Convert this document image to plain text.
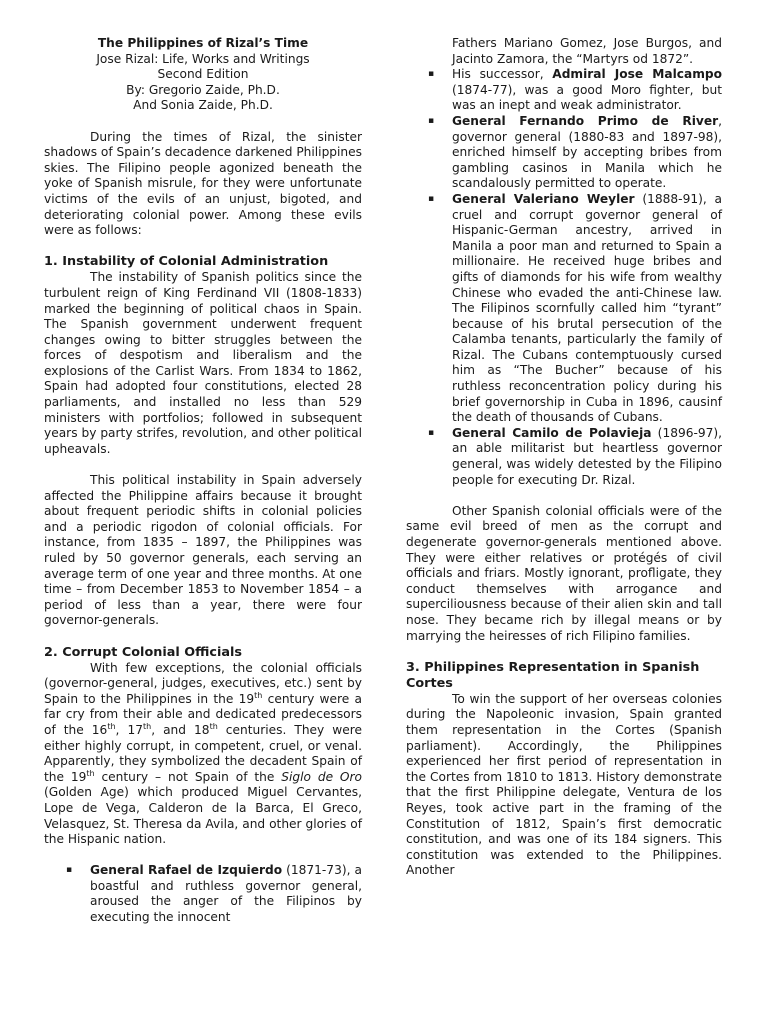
The Philippines of Rizal’s Time
Jose Rizal: Life, Works and Writings
Second Edition
By: Gregorio Zaide, Ph.D.
And Sonia Zaide, Ph.D.

During the times of Rizal, the sinister shadows of Spain’s decadence darkened Philippines skies. The Filipino people agonized beneath the yoke of Spanish misrule, for they were unfortunate victims of the evils of an unjust, bigoted, and deteriorating colonial power. Among these evils were as follows:

1. Instability of Colonial Administration

The instability of Spanish politics since the turbulent reign of King Ferdinand VII (1808-1833) marked the beginning of political chaos in Spain. The Spanish government underwent frequent changes owing to bitter struggles between the forces of despotism and liberalism and the explosions of the Carlist Wars. From 1834 to 1862, Spain had adopted four constitutions, elected 28 parliaments, and installed no less than 529 ministers with portfolios; followed in subsequent years by party strifes, revolution, and other political upheavals.

This political instability in Spain adversely affected the Philippine affairs because it brought about frequent periodic shifts in colonial policies and a periodic rigodon of colonial officials. For instance, from 1835 – 1897, the Philippines was ruled by 50 governor generals, each serving an average term of one year and three months. At one time – from December 1853 to November 1854 – a period of less than a year, there were four governor-generals.

2. Corrupt Colonial Officials

With few exceptions, the colonial officials (governor-general, judges, executives, etc.) sent by Spain to the Philippines in the 19th century were a far cry from their able and dedicated predecessors of the 16th, 17th, and 18th centuries. They were either highly corrupt, in competent, cruel, or venal. Apparently, they symbolized the decadent Spain of the 19th century – not Spain of the Siglo de Oro (Golden Age) which produced Miguel Cervantes, Lope de Vega, Calderon de la Barca, El Greco, Velasquez, St. Theresa da Avila, and other glories of the Hispanic nation.

▪ General Rafael de Izquierdo (1871-73), a boastful and ruthless governor general, aroused the anger of the Filipinos by executing the innocent
Fathers Mariano Gomez, Jose Burgos, and Jacinto Zamora, the “Martyrs od 1872”.
▪ His successor, Admiral Jose Malcampo (1874-77), was a good Moro fighter, but was an inept and weak administrator.
▪ General Fernando Primo de River, governor general (1880-83 and 1897-98), enriched himself by accepting bribes from gambling casinos in Manila which he scandalously permitted to operate.
▪ General Valeriano Weyler (1888-91), a cruel and corrupt governor general of Hispanic-German ancestry, arrived in Manila a poor man and returned to Spain a millionaire. He received huge bribes and gifts of diamonds for his wife from wealthy Chinese who evaded the anti-Chinese law. The Filipinos scornfully called him “tyrant” because of his brutal persecution of the Calamba tenants, particularly the family of Rizal. The Cubans contemptuously cursed him as “The Bucher” because of his ruthless reconcentration policy during his brief governorship in Cuba in 1896, causinf the death of thousands of Cubans.
▪ General Camilo de Polavieja (1896-97), an able militarist but heartless governor general, was widely detested by the Filipino people for executing Dr. Rizal.

Other Spanish colonial officials were of the same evil breed of men as the corrupt and degenerate governor-generals mentioned above. They were either relatives or protégés of civil officials and friars. Mostly ignorant, profligate, they conduct themselves with arrogance and superciliousness because of their alien skin and tall nose. They became rich by illegal means or by marrying the heiresses of rich Filipino families.

3. Philippines Representation in Spanish Cortes

To win the support of her overseas colonies during the Napoleonic invasion, Spain granted them representation in the Cortes (Spanish parliament). Accordingly, the Philippines experienced her first period of representation in the Cortes from 1810 to 1813. History demonstrate that the first Philippine delegate, Ventura de los Reyes, took active part in the framing of the Constitution of 1812, Spain’s first democratic constitution, and was one of its 184 signers. This constitution was extended to the Philippines. Another
